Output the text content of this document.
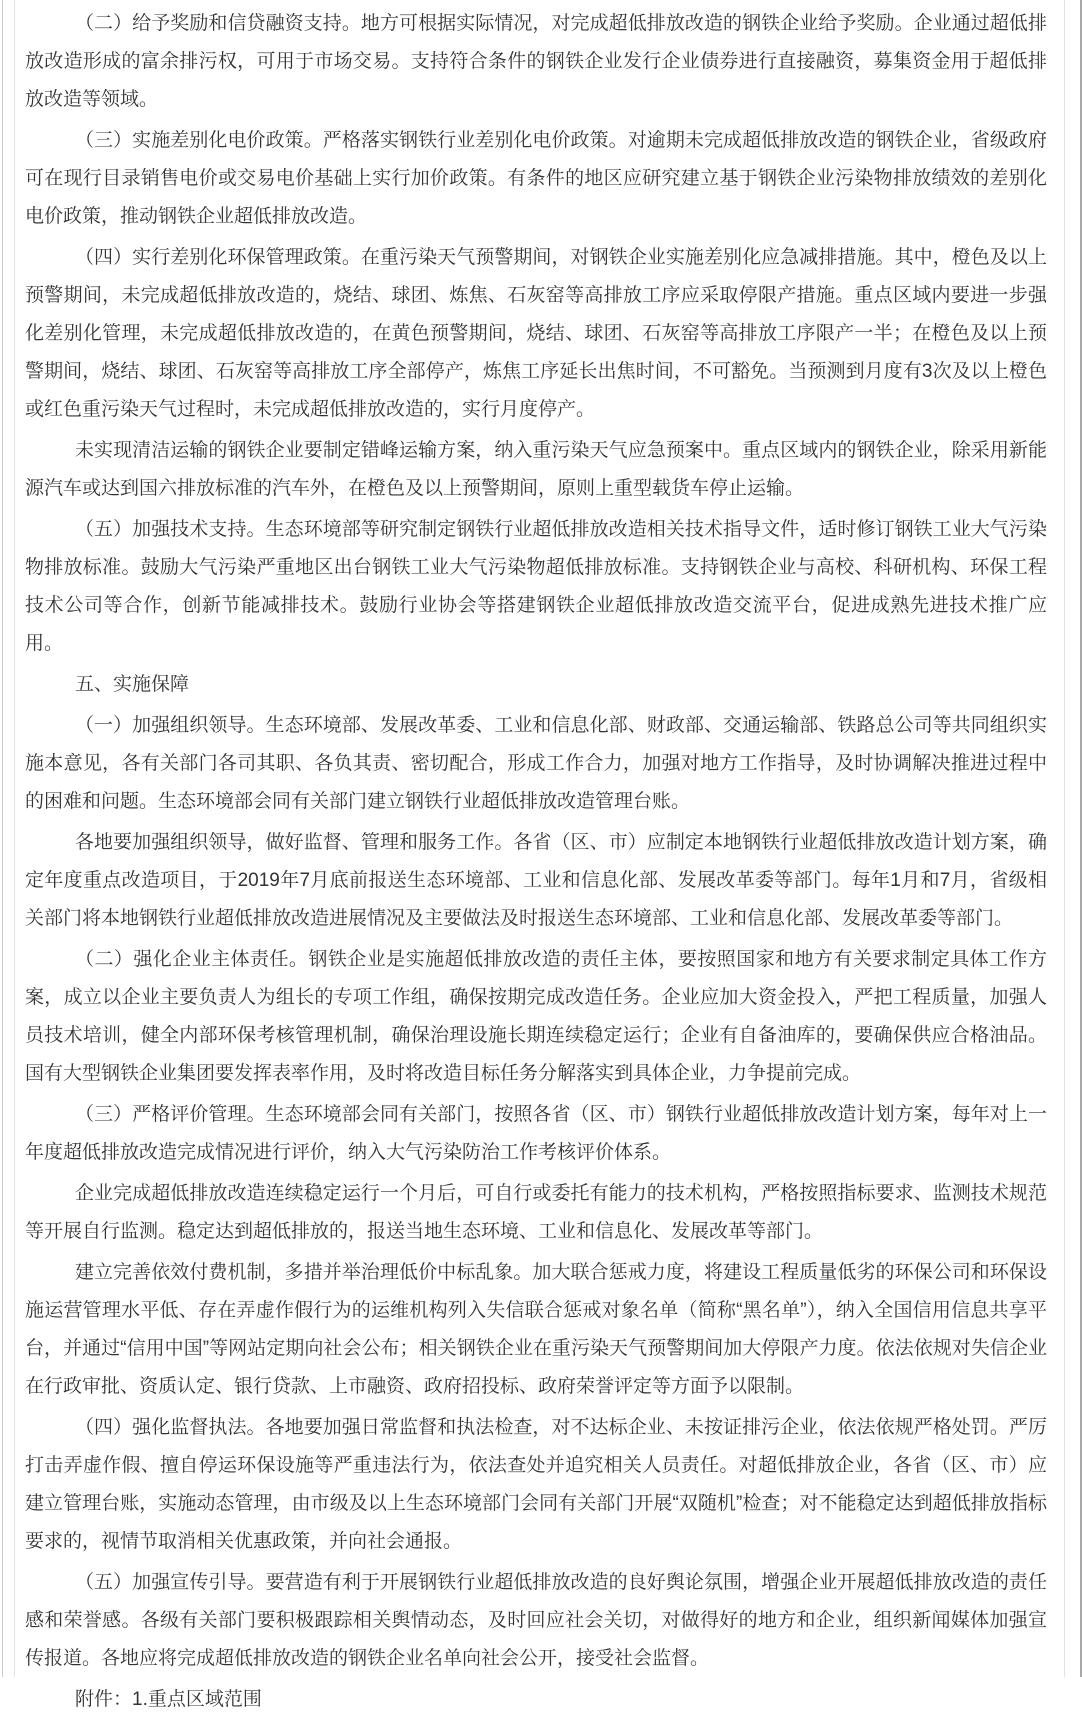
（二）给予奖励和信贷融资支持。地方可根据实际情况，对完成超低排放改造的钢铁企业给予奖励。企业通过超低排放改造形成的富余排污权，可用于市场交易。支持符合条件的钢铁企业发行企业债券进行直接融资，募集资金用于超低排放改造等领域。

（三）实施差别化电价政策。严格落实钢铁行业差别化电价政策。对逾期未完成超低排放改造的钢铁企业，省级政府可在现行目录销售电价或交易电价基础上实行加价政策。有条件的地区应研究建立基于钢铁企业污染物排放绩效的差别化电价政策，推动钢铁企业超低排放改造。

（四）实行差别化环保管理政策。在重污染天气预警期间，对钢铁企业实施差别化应急减排措施。其中，橙色及以上预警期间，未完成超低排放改造的，烧结、球团、炼焦、石灰窑等高排放工序应采取停限产措施。重点区域内要进一步强化差别化管理，未完成超低排放改造的，在黄色预警期间，烧结、球团、石灰窑等高排放工序限产一半；在橙色及以上预警期间，烧结、球团、石灰窑等高排放工序全部停产，炼焦工序延长出焦时间，不可豁免。当预测到月度有3次及以上橙色或红色重污染天气过程时，未完成超低排放改造的，实行月度停产。

未实现清洁运输的钢铁企业要制定错峰运输方案，纳入重污染天气应急预案中。重点区域内的钢铁企业，除采用新能源汽车或达到国六排放标准的汽车外，在橙色及以上预警期间，原则上重型载货车停止运输。

（五）加强技术支持。生态环境部等研究制定钢铁行业超低排放改造相关技术指导文件，适时修订钢铁工业大气污染物排放标准。鼓励大气污染严重地区出台钢铁工业大气污染物超低排放标准。支持钢铁企业与高校、科研机构、环保工程技术公司等合作，创新节能减排技术。鼓励行业协会等搭建钢铁企业超低排放改造交流平台，促进成熟先进技术推广应用。

五、实施保障

（一）加强组织领导。生态环境部、发展改革委、工业和信息化部、财政部、交通运输部、铁路总公司等共同组织实施本意见，各有关部门各司其职、各负其责、密切配合，形成工作合力，加强对地方工作指导，及时协调解决推进过程中的困难和问题。生态环境部会同有关部门建立钢铁行业超低排放改造管理台账。

各地要加强组织领导，做好监督、管理和服务工作。各省（区、市）应制定本地钢铁行业超低排放改造计划方案，确定年度重点改造项目，于2019年7月底前报送生态环境部、工业和信息化部、发展改革委等部门。每年1月和7月，省级相关部门将本地钢铁行业超低排放改造进展情况及主要做法及时报送生态环境部、工业和信息化部、发展改革委等部门。

（二）强化企业主体责任。钢铁企业是实施超低排放改造的责任主体，要按照国家和地方有关要求制定具体工作方案，成立以企业主要负责人为组长的专项工作组，确保按期完成改造任务。企业应加大资金投入，严把工程质量，加强人员技术培训，健全内部环保考核管理机制，确保治理设施长期连续稳定运行；企业有自备油库的，要确保供应合格油品。国有大型钢铁企业集团要发挥表率作用，及时将改造目标任务分解落实到具体企业，力争提前完成。

（三）严格评价管理。生态环境部会同有关部门，按照各省（区、市）钢铁行业超低排放改造计划方案，每年对上一年度超低排放改造完成情况进行评价，纳入大气污染防治工作考核评价体系。

企业完成超低排放改造连续稳定运行一个月后，可自行或委托有能力的技术机构，严格按照指标要求、监测技术规范等开展自行监测。稳定达到超低排放的，报送当地生态环境、工业和信息化、发展改革等部门。

建立完善依效付费机制，多措并举治理低价中标乱象。加大联合惩戒力度，将建设工程质量低劣的环保公司和环保设施运营管理水平低、存在弄虚作假行为的运维机构列入失信联合惩戒对象名单（简称“黑名单”），纳入全国信用信息共享平台，并通过“信用中国”等网站定期向社会公布；相关钢铁企业在重污染天气预警期间加大停限产力度。依法依规对失信企业在行政审批、资质认定、银行贷款、上市融资、政府招投标、政府荣誉评定等方面予以限制。

（四）强化监督执法。各地要加强日常监督和执法检查，对不达标企业、未按证排污企业，依法依规严格处罚。严厉打击弄虚作假、擅自停运环保设施等严重违法行为，依法查处并追究相关人员责任。对超低排放企业，各省（区、市）应建立管理台账，实施动态管理，由市级及以上生态环境部门会同有关部门开展“双随机”检查；对不能稳定达到超低排放指标要求的，视情节取消相关优惠政策，并向社会通报。

（五）加强宣传引导。要营造有利于开展钢铁行业超低排放改造的良好舆论氛围，增强企业开展超低排放改造的责任感和荣誉感。各级有关部门要积极跟踪相关舆情动态，及时回应社会关切，对做得好的地方和企业，组织新闻媒体加强宣传报道。各地应将完成超低排放改造的钢铁企业名单向社会公开，接受社会监督。

附件：1.重点区域范围
